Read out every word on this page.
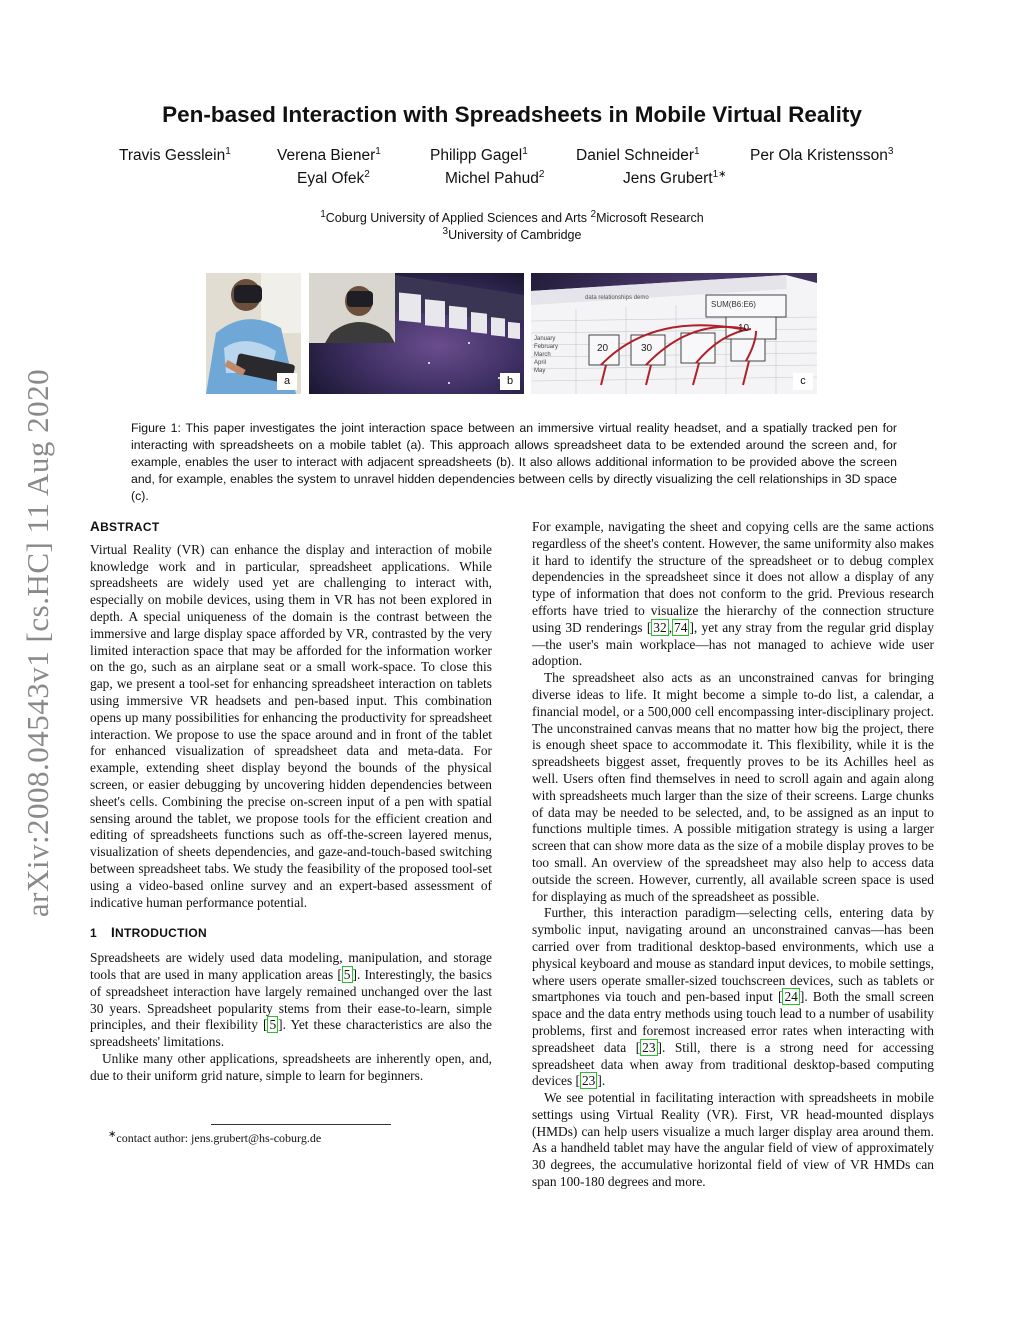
arXiv:2008.04543v1 [cs.HC] 11 Aug 2020
Pen-based Interaction with Spreadsheets in Mobile Virtual Reality
Travis Gesslein$^1$	Verena Biener$^1$	Philipp Gagel$^1$	Daniel Schneider$^1$	Per Ola Kristensson$^3$
Eyal Ofek$^2$	Michel Pahud$^2$	Jens Grubert$^{1∗}$
$^1$Coburg University of Applied Sciences and Arts $^2$Microsoft Research
$^3$University of Cambridge
a	b
data relationships demo
SUM(B6:E6)
10
20	30
January
February
March
April
May
c
Figure 1: This paper investigates the joint interaction space between an immersive virtual reality headset, and a spatially tracked pen for interacting with spreadsheets on a mobile tablet (a). This approach allows spreadsheet data to be extended around the screen and, for example, enables the user to interact with adjacent spreadsheets (b). It also allows additional information to be provided above the screen and, for example, enables the system to unravel hidden dependencies between cells by directly visualizing the cell relationships in 3D space (c).
ABSTRACT

Virtual Reality (VR) can enhance the display and interaction of mobile knowledge work and in particular, spreadsheet applications. While spreadsheets are widely used yet are challenging to interact with, especially on mobile devices, using them in VR has not been explored in depth. A special uniqueness of the domain is the contrast between the immersive and large display space afforded by VR, contrasted by the very limited interaction space that may be afforded for the information worker on the go, such as an airplane seat or a small work-space. To close this gap, we present a tool-set for enhancing spreadsheet interaction on tablets using immersive VR headsets and pen-based input. This combination opens up many possibilities for enhancing the productivity for spreadsheet interaction. We propose to use the space around and in front of the tablet for enhanced visualization of spreadsheet data and meta-data. For example, extending sheet display beyond the bounds of the physical screen, or easier debugging by uncovering hidden dependencies between sheet's cells. Combining the precise on-screen input of a pen with spatial sensing around the tablet, we propose tools for the efficient creation and editing of spreadsheets functions such as off-the-screen layered menus, visualization of sheets dependencies, and gaze-and-touch-based switching between spreadsheet tabs. We study the feasibility of the proposed tool-set using a video-based online survey and an expert-based assessment of indicative human performance potential.

1 INTRODUCTION

Spreadsheets are widely used data modeling, manipulation, and storage tools that are used in many application areas [ 5 ]. Interestingly, the basics of spreadsheet interaction have largely remained unchanged over the last 30 years. Spreadsheet popularity stems from their ease-to-learn, simple principles, and their flexibility [ 5 ]. Yet these characteristics are also the spreadsheets' limitations.

Unlike many other applications, spreadsheets are inherently open, and, due to their uniform grid nature, simple to learn for beginners.

∗contact author: jens.grubert@hs-coburg.de

For example, navigating the sheet and copying cells are the same actions regardless of the sheet's content. However, the same uniformity also makes it hard to identify the structure of the spreadsheet or to debug complex dependencies in the spreadsheet since it does not allow a display of any type of information that does not conform to the grid. Previous research efforts have tried to visualize the hierarchy of the connection structure using 3D renderings [ 32 , 74 ], yet any stray from the regular grid display—the user's main workplace—has not managed to achieve wide user adoption.

The spreadsheet also acts as an unconstrained canvas for bringing diverse ideas to life. It might become a simple to-do list, a calendar, a financial model, or a 500,000 cell encompassing inter-disciplinary project. The unconstrained canvas means that no matter how big the project, there is enough sheet space to accommodate it. This flexibility, while it is the spreadsheets biggest asset, frequently proves to be its Achilles heel as well. Users often find themselves in need to scroll again and again along with spreadsheets much larger than the size of their screens. Large chunks of data may be needed to be selected, and, to be assigned as an input to functions multiple times. A possible mitigation strategy is using a larger screen that can show more data as the size of a mobile display proves to be too small. An overview of the spreadsheet may also help to access data outside the screen. However, currently, all available screen space is used for displaying as much of the spreadsheet as possible.

Further, this interaction paradigm—selecting cells, entering data by symbolic input, navigating around an unconstrained canvas—has been carried over from traditional desktop-based environments, which use a physical keyboard and mouse as standard input devices, to mobile settings, where users operate smaller-sized touchscreen devices, such as tablets or smartphones via touch and pen-based input [ 24 ]. Both the small screen space and the data entry methods using touch lead to a number of usability problems, first and foremost increased error rates when interacting with spreadsheet data [ 23 ]. Still, there is a strong need for accessing spreadsheet data when away from traditional desktop-based computing devices [ 23 ].

We see potential in facilitating interaction with spreadsheets in mobile settings using Virtual Reality (VR). First, VR head-mounted displays (HMDs) can help users visualize a much larger display area around them. As a handheld tablet may have the angular field of view of approximately 30 degrees, the accumulative horizontal field of view of VR HMDs can span 100-180 degrees and more.
